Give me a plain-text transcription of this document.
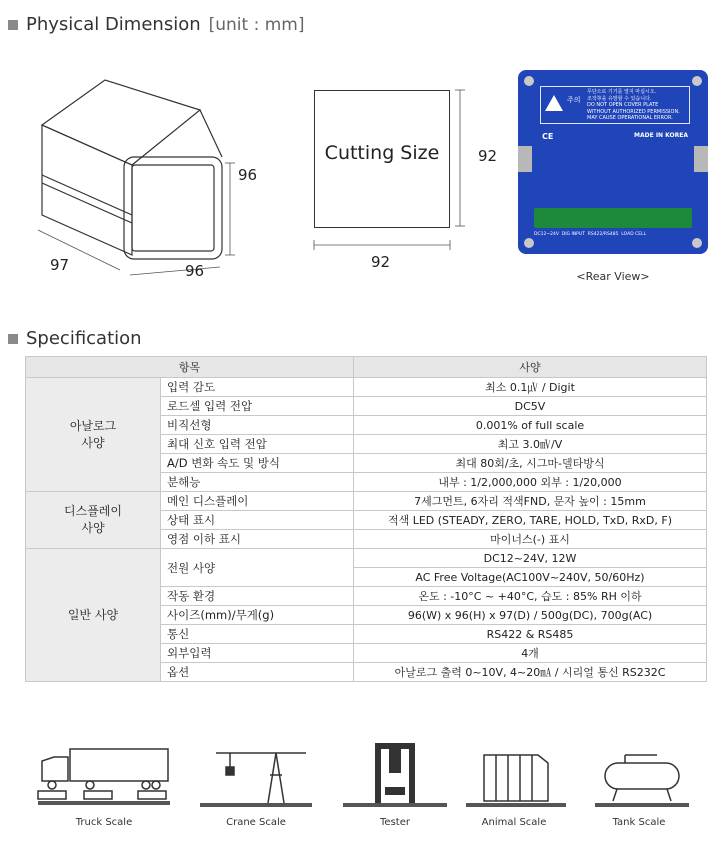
Physical Dimension [unit : mm]
96
97	96
Cutting Size	92
92
주의
무단으로 기기를 열지 마십시오.
조작等을 유발할 수 있습니다.
DO NOT OPEN COVER PLATE
WITHOUT AUTHORIZED PERMISSION.
MAY CAUSE OPERATIONAL ERROR.
CE	MADE IN KOREA
DC12~24V  DIG INPUT  RS422/RS485  LOAD CELL
<Rear View>
Specification
항목		사양
아날로그
사양	입력 감도	최소 0.1㎶ / Digit
	로드셀 입력 전압	DC5V
	비직선형	0.001% of full scale
	최대 신호 입력 전압	최고 3.0㎷/V
	A/D 변화 속도 및 방식	최대 80회/초, 시그마-델타방식
	분해능	내부 : 1/2,000,000 외부 : 1/20,000
디스플레이
사양	메인 디스플레이	7세그먼트, 6자리 적색FND, 문자 높이 : 15mm
	상태 표시	적색 LED (STEADY, ZERO, TARE, HOLD, TxD, RxD, F)
	영점 이하 표시	마이너스(-) 표시
일반 사양	전원 사양	DC12~24V, 12W
		AC Free Voltage(AC100V~240V, 50/60Hz)
	작동 환경	온도 : -10°C ~ +40°C, 습도 : 85% RH 이하
	사이즈(mm)/무게(g)	96(W) x 96(H) x 97(D) / 500g(DC), 700g(AC)
	통신	RS422 & RS485
	외부입력	4개
	옵션	아날로그 출력 0~10V, 4~20㎃ / 시리얼 통신 RS232C
Truck Scale	Crane Scale	Tester	Animal Scale	Tank Scale
